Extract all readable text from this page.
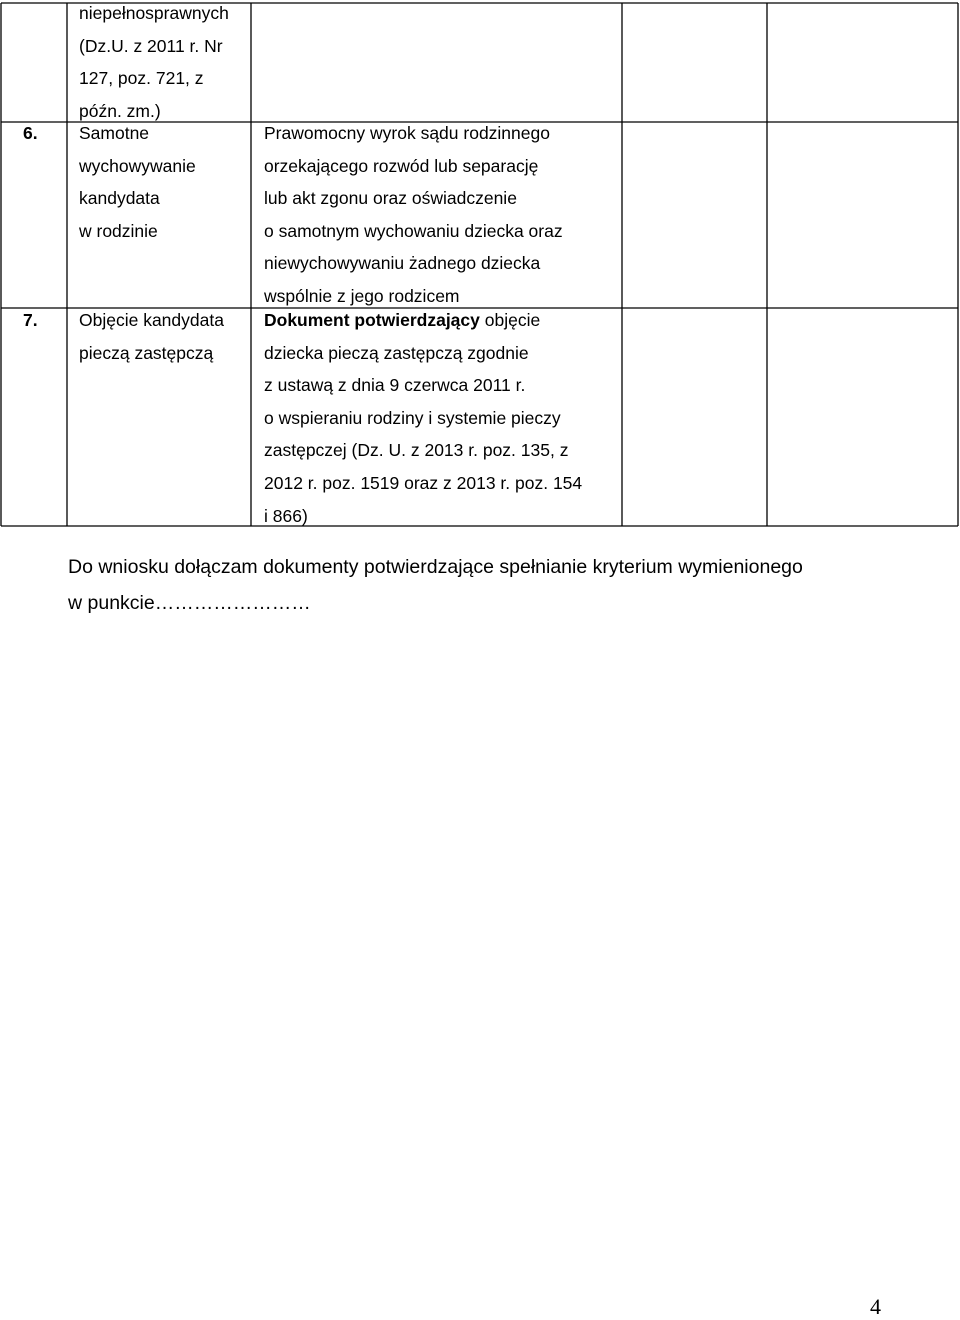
niepełnosprawnych
(Dz.U. z 2011 r. Nr
127, poz. 721, z
późn. zm.)
6.	Samotne
wychowywanie
kandydata
w rodzinie
Prawomocny wyrok sądu rodzinnego
orzekającego rozwód lub separację
lub akt zgonu oraz oświadczenie
o samotnym wychowaniu dziecka oraz
niewychowywaniu żadnego dziecka
wspólnie z jego rodzicem
7. Objęcie kandydata
pieczą zastępczą
Dokument potwierdzający objęcie
dziecka pieczą zastępczą zgodnie
z ustawą z dnia 9 czerwca 2011 r.
o wspieraniu rodziny i systemie pieczy
zastępczej (Dz. U. z 2013 r. poz. 135, z
2012 r. poz. 1519 oraz z 2013 r. poz. 154
i 866)
Do wniosku dołączam dokumenty potwierdzające spełnianie kryterium wymienionego
w punkcie……………………
4
